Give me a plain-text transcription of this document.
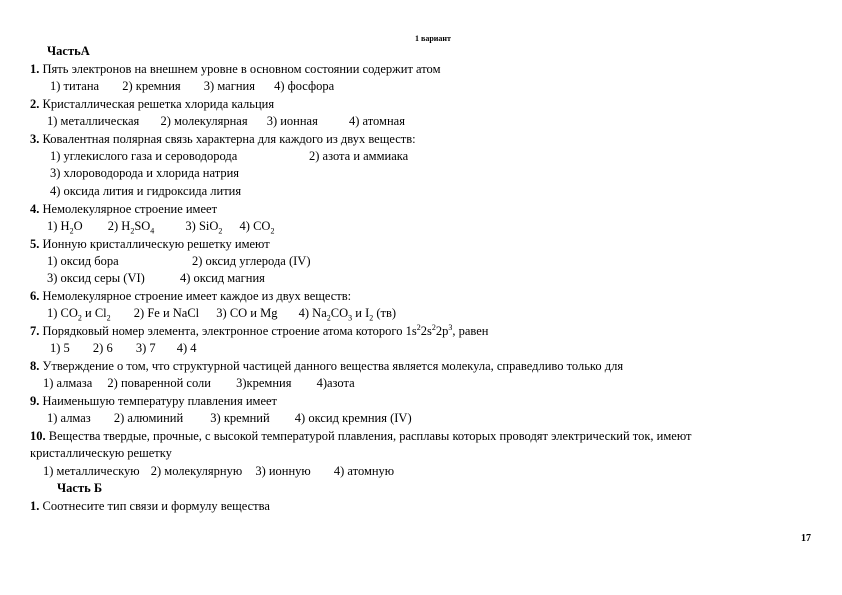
1 вариант
ЧастьА
1. Пять электронов на внешнем уровне в основном состоянии содержит атом
1) титана 2) кремния 3) магния 4) фосфора
2. Кристаллическая решетка хлорида кальция
1) металлическая 2) молекулярная 3) ионная 4) атомная
3. Ковалентная полярная связь характерна для каждого из двух веществ:
1) углекислого газа и сероводорода	2) азота и аммиака
3) хлороводорода и хлорида натрия
4) оксида лития и гидроксида лития
4. Немолекулярное строение имеет
1) $H_2O$ 2) $H_2SO_4$ 3) SiO$_2$ 4) $CO_2$
5. Ионную кристаллическую решетку имеют
1) оксид бора	2) оксид углерода (IV)
3) оксид серы (VI)	4) оксид магния
6. Немолекулярное строение имеет каждое из двух веществ:
1) $CO_2$ и $Cl_2$ 2) Fe и NaCl 3) CO и Mg 4) $Na_2CO_3$ и $I_2$ (тв)
7. Порядковый номер элемента, электронное строение атома которого $1s^22s^22p^3$, равен
1) 5 2) 6 3) 7 4) 4
8. Утверждение о том, что структурной частицей данного вещества является молекула, справедливо только для
1) алмаза 2) поваренной соли 3)кремния 4)азота
9. Наименьшую температуру плавления имеет
1) алмаз 2) алюминий 3) кремний 4) оксид кремния (IV)
10. Вещества твердые, прочные, с высокой температурой плавления, расплавы которых проводят электрический ток, имеют
кристаллическую решетку
1) металлическую 2) молекулярную 3) ионную 4) атомную
Часть Б
1. Соотнесите тип связи и формулу вещества
17
